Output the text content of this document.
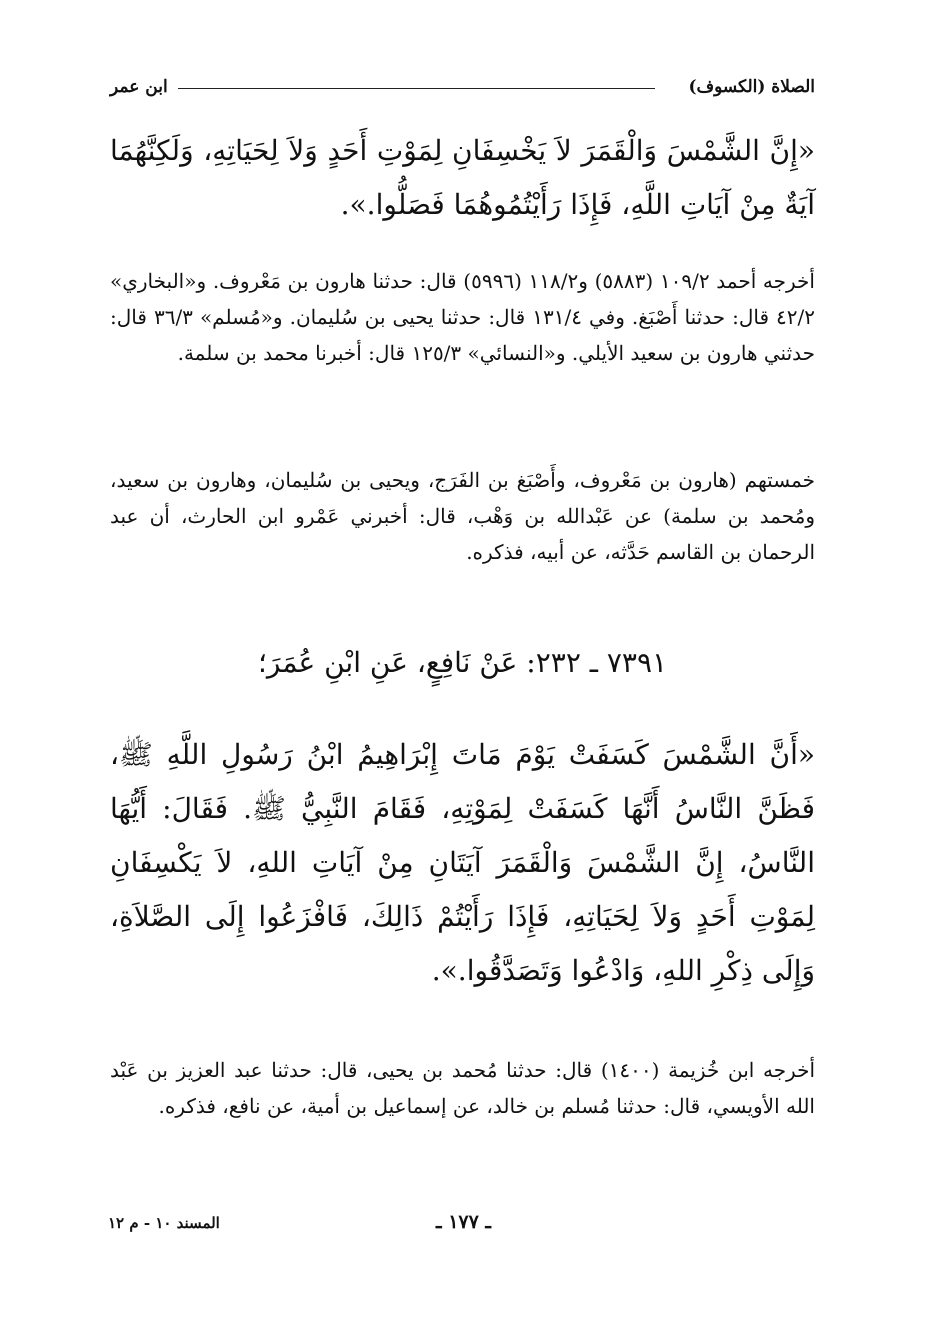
الصلاة (الكسوف)
ابن عمر
«إِنَّ الشَّمْسَ وَالْقَمَرَ لاَ يَخْسِفَانِ لِمَوْتِ أَحَدٍ وَلاَ لِحَيَاتِهِ، وَلَكِنَّهُمَا آيَةٌ مِنْ آيَاتِ اللَّهِ، فَإِذَا رَأَيْتُمُوهُمَا فَصَلُّوا.».
أخرجه أحمد ١٠٩/٢ (٥٨٨٣) و١١٨/٢ (٥٩٩٦) قال: حدثنا هارون بن مَعْروف. و«البخاري» ٤٢/٢ قال: حدثنا أَصْبَغ. وفي ١٣١/٤ قال: حدثنا يحيى بن سُليمان. و«مُسلم» ٣٦/٣ قال: حدثني هارون بن سعيد الأيلي. و«النسائي» ١٢٥/٣ قال: أخبرنا محمد بن سلمة.
خمستهم (هارون بن مَعْروف، وأَصْبَغ بن الفَرَج، ويحيى بن سُليمان، وهارون بن سعيد، ومُحمد بن سلمة) عن عَبْدالله بن وَهْب، قال: أخبرني عَمْرو ابن الحارث، أن عبد الرحمان بن القاسم حَدَّثه، عن أبيه، فذكره.
٧٣٩١ ـ ٢٣٢: عَنْ نَافِعٍ، عَنِ ابْنِ عُمَرَ؛
«أَنَّ الشَّمْسَ كَسَفَتْ يَوْمَ مَاتَ إِبْرَاهِيمُ ابْنُ رَسُولِ اللَّهِ ﷺ، فَظَنَّ النَّاسُ أَنَّهَا كَسَفَتْ لِمَوْتِهِ، فَقَامَ النَّبِيُّ ﷺ. فَقَالَ: أَيُّهَا النَّاسُ، إِنَّ الشَّمْسَ وَالْقَمَرَ آيَتَانِ مِنْ آيَاتِ اللهِ، لاَ يَكْسِفَانِ لِمَوْتِ أَحَدٍ وَلاَ لِحَيَاتِهِ، فَإِذَا رَأَيْتُمْ ذَالِكَ، فَافْزَعُوا إِلَى الصَّلاَةِ، وَإِلَى ذِكْرِ اللهِ، وَادْعُوا وَتَصَدَّقُوا.».
أخرجه ابن خُزيمة (١٤٠٠) قال: حدثنا مُحمد بن يحيى، قال: حدثنا عبد العزيز بن عَبْد الله الأويسي، قال: حدثنا مُسلم بن خالد، عن إسماعيل بن أمية، عن نافع، فذكره.
ـ ١٧٧ ـ
المسند ١٠ - م ١٢
